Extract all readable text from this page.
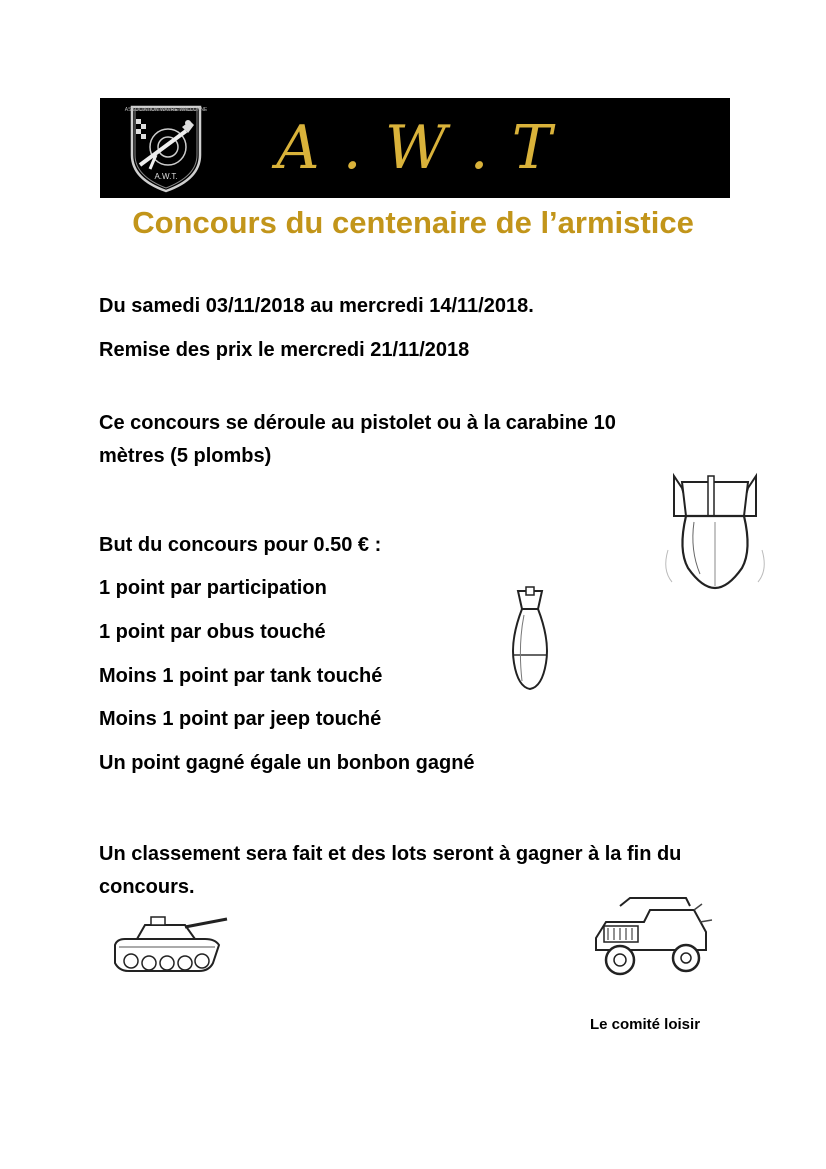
ASSOCIATION WAVRE-WALLONNE
A.W.T.	A . W . T
Concours du centenaire de l’armistice
Du samedi 03/11/2018 au mercredi 14/11/2018.
Remise des prix le mercredi 21/11/2018
Ce concours se déroule au pistolet ou à la carabine 10
mètres (5 plombs)
But du concours pour 0.50 € :
1 point par participation
1 point par obus touché
Moins 1 point par tank touché
Moins 1 point par jeep touché
Un point gagné égale un bonbon gagné
Un classement sera fait et des lots seront à gagner à la fin du
concours.
Le comité loisir
